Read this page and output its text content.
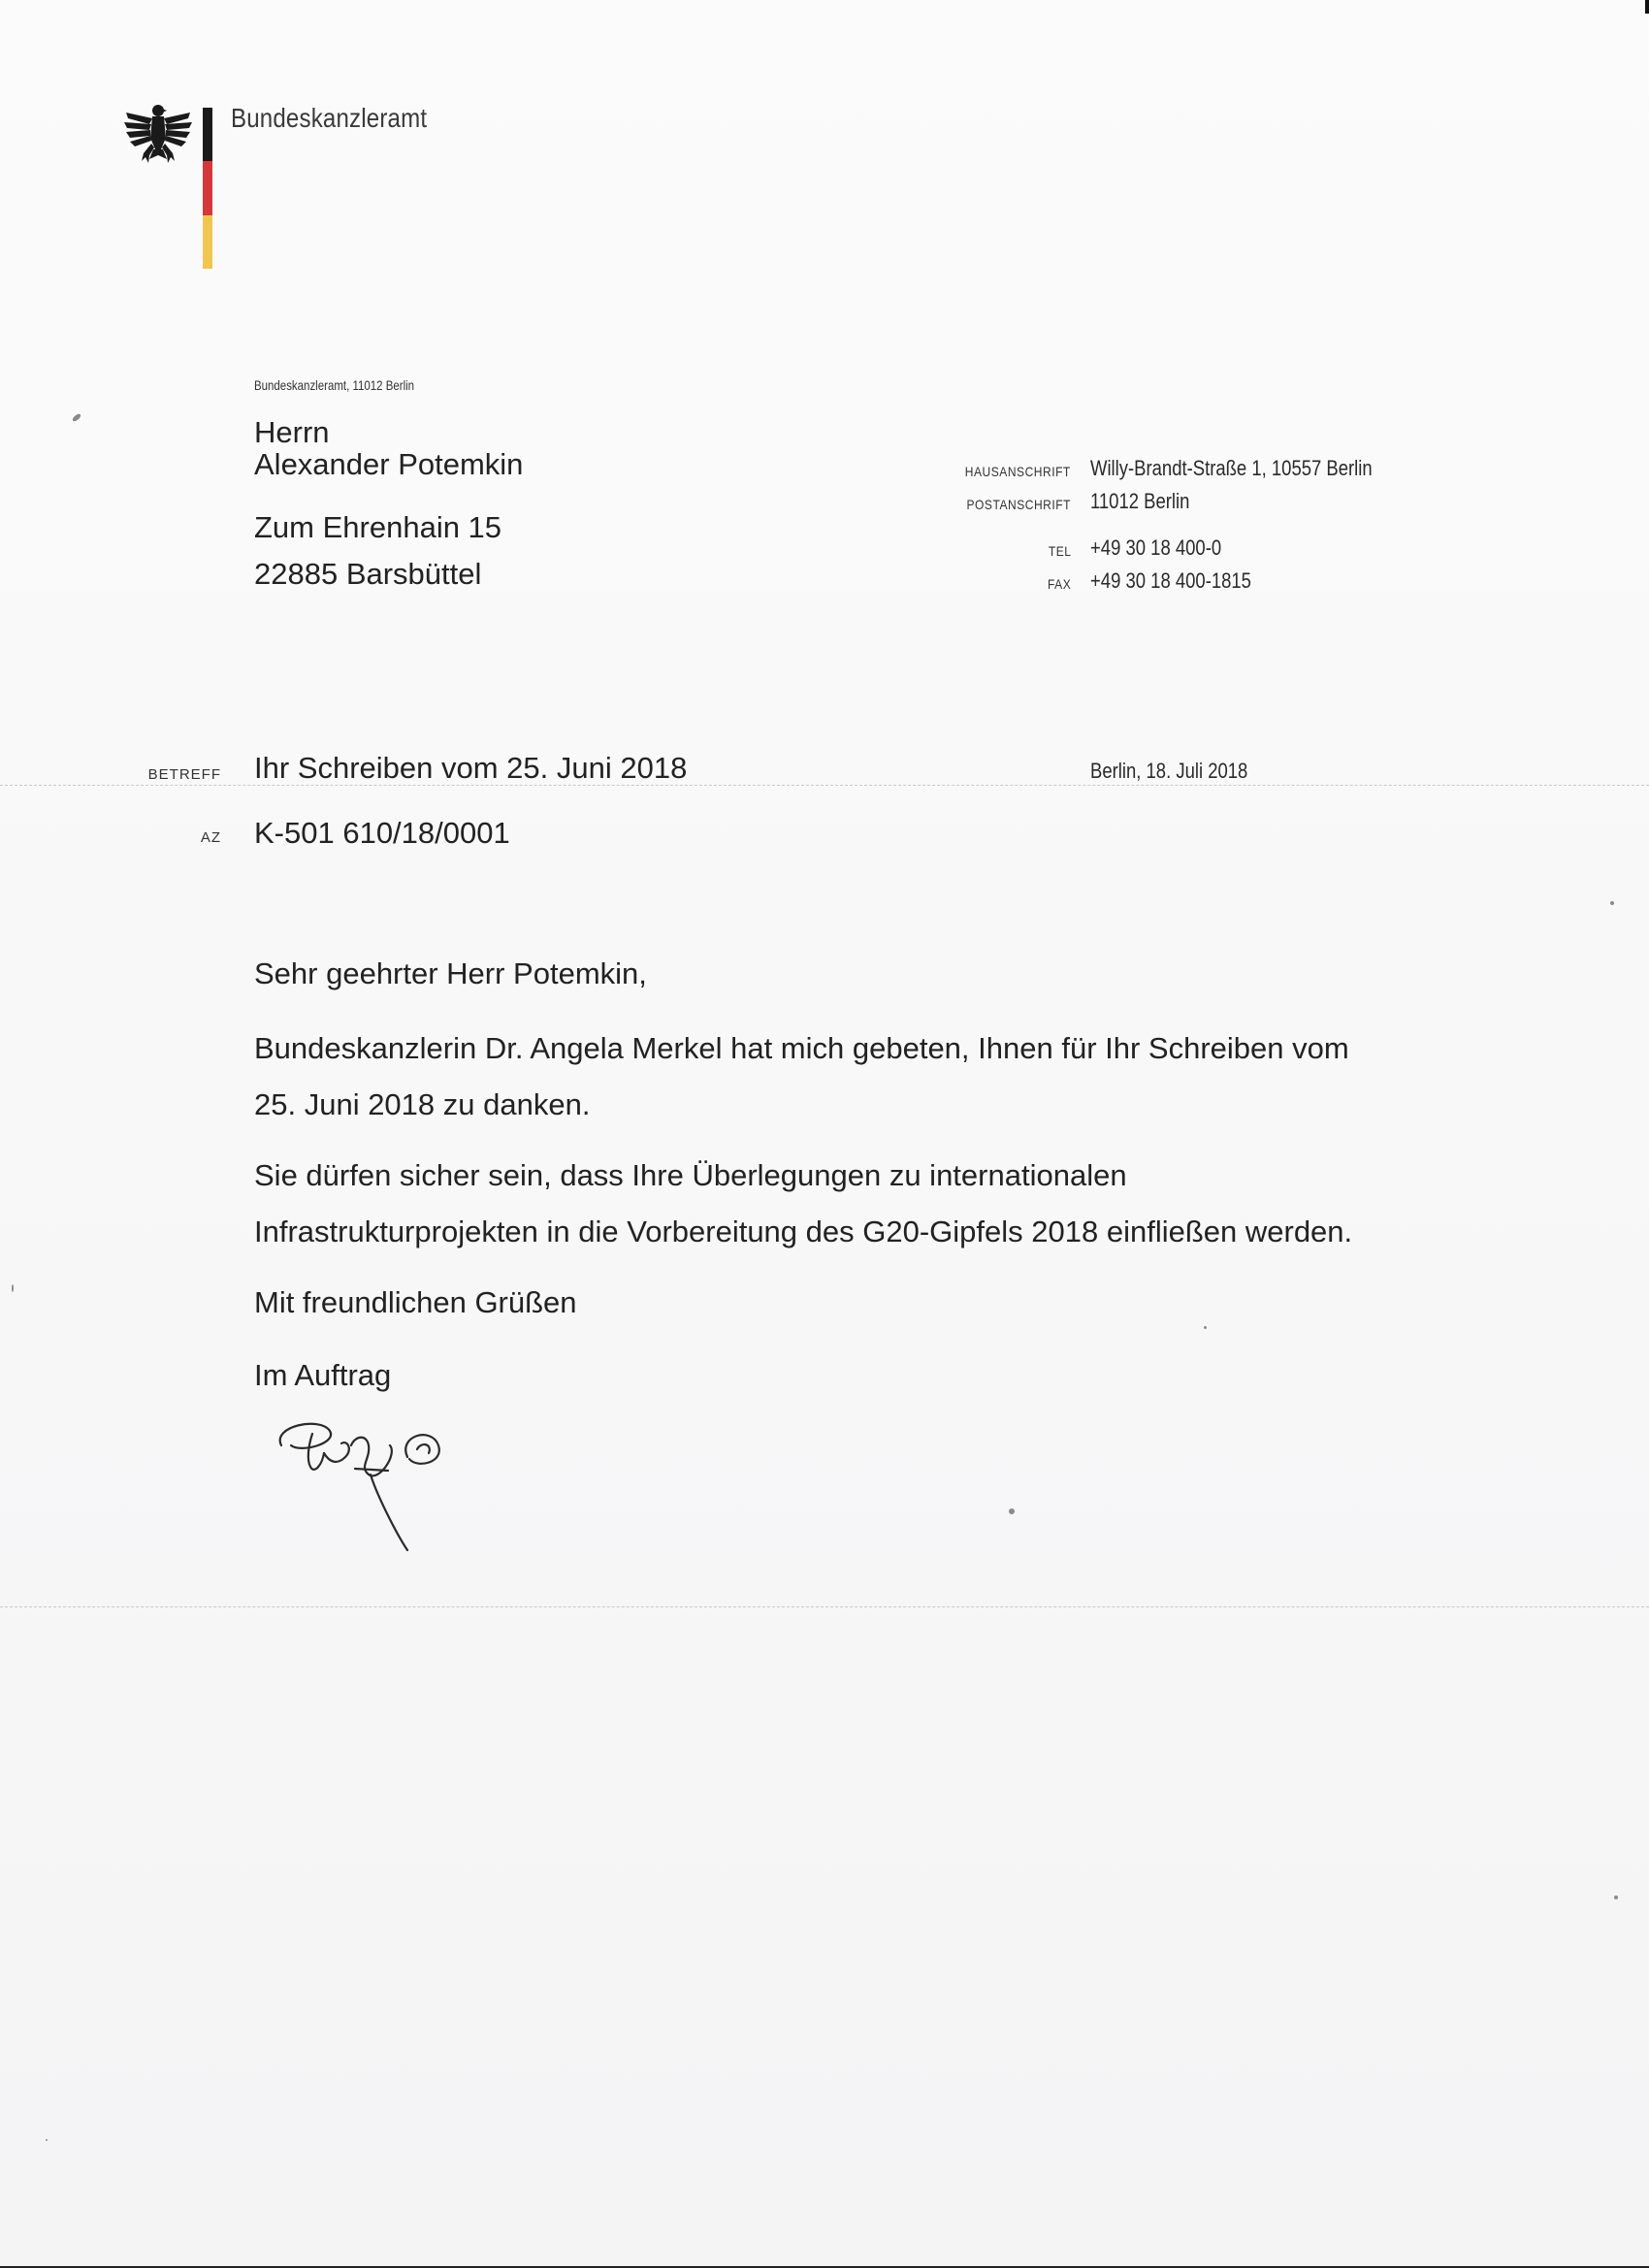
Bundeskanzleramt
Bundeskanzleramt, 11012 Berlin
Herrn
Alexander Potemkin
Zum Ehrenhain 15
22885 Barsbüttel
HAUSANSCHRIFT Willy-Brandt-Straße 1, 10557 Berlin
POSTANSCHRIFT 11012 Berlin
TEL +49 30 18 400-0
FAX +49 30 18 400-1815
BETREFF Ihr Schreiben vom 25. Juni 2018	Berlin, 18. Juli 2018
AZ K-501 610/18/0001
Sehr geehrter Herr Potemkin,
Bundeskanzlerin Dr. Angela Merkel hat mich gebeten, Ihnen für Ihr Schreiben vom
25. Juni 2018 zu danken.
Sie dürfen sicher sein, dass Ihre Überlegungen zu internationalen
Infrastrukturprojekten in die Vorbereitung des G20-Gipfels 2018 einfließen werden.
Mit freundlichen Grüßen
Im Auftrag
